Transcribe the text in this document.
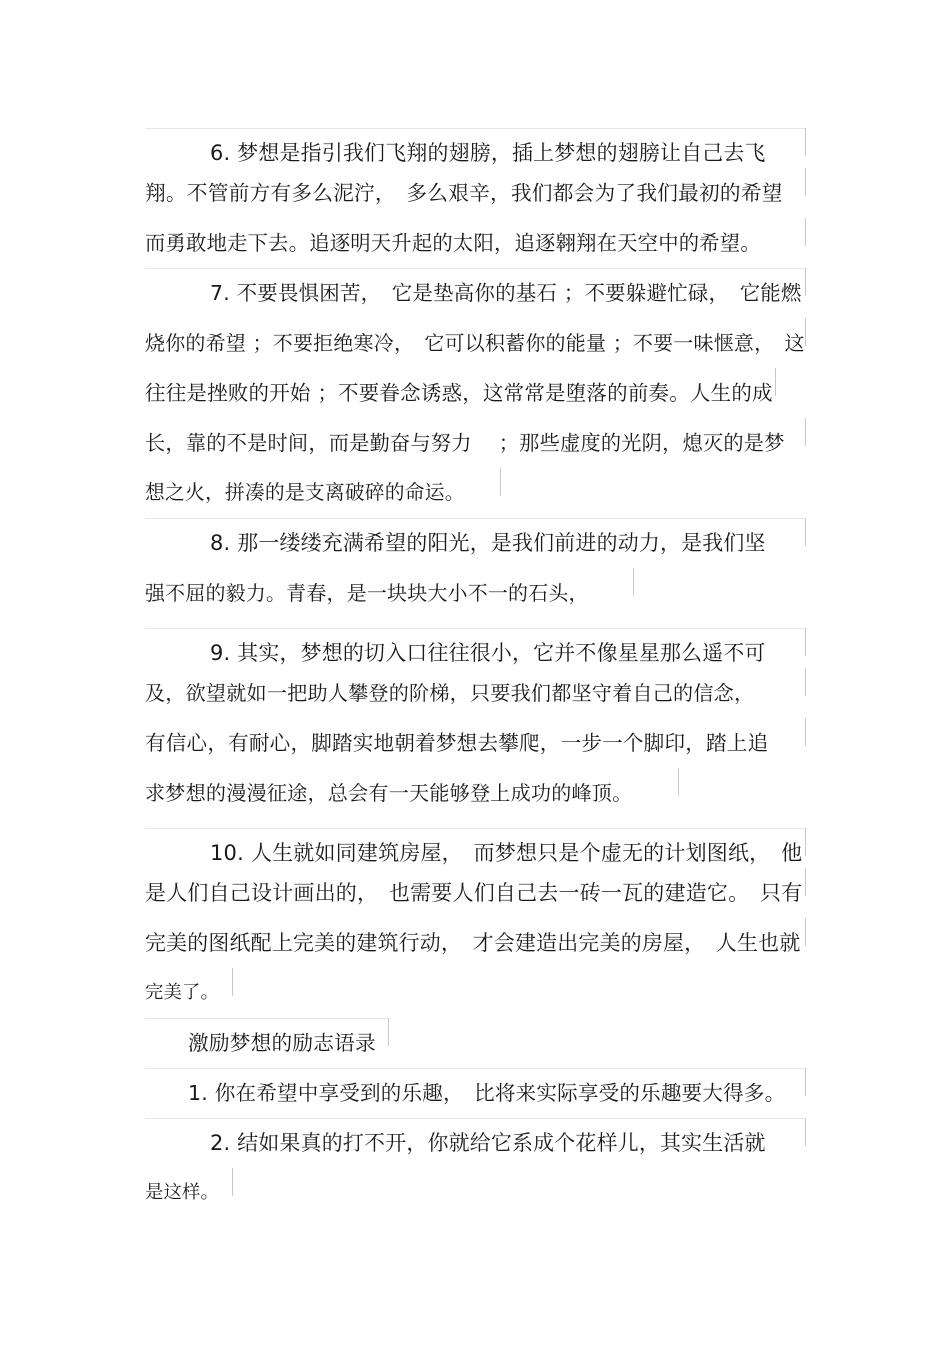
6. 梦想是指引我们飞翔的翅膀，插上梦想的翅膀让自己去飞
翔。不管前方有多么泥泞，　多么艰辛，我们都会为了我们最初的希望
而勇敢地走下去。追逐明天升起的太阳，追逐翱翔在天空中的希望。
7. 不要畏惧困苦，　它是垫高你的基石 ；不要躲避忙碌，　它能燃
烧你的希望 ；不要拒绝寒冷，　它可以积蓄你的能量 ；不要一味惬意，　这
往往是挫败的开始 ；不要眷念诱惑，这常常是堕落的前奏。人生的成
长，靠的不是时间，而是勤奋与努力　 ；那些虚度的光阴，熄灭的是梦
想之火，拼凑的是支离破碎的命运。
8. 那一缕缕充满希望的阳光，是我们前进的动力，是我们坚
强不屈的毅力。青春，是一块块大小不一的石头，
9. 其实，梦想的切入口往往很小，它并不像星星那么遥不可
及，欲望就如一把助人攀登的阶梯，只要我们都坚守着自己的信念，
有信心，有耐心，脚踏实地朝着梦想去攀爬，一步一个脚印，踏上追
求梦想的漫漫征途，总会有一天能够登上成功的峰顶。
10. 人生就如同建筑房屋，　而梦想只是个虚无的计划图纸，　他
是人们自己设计画出的，　也需要人们自己去一砖一瓦的建造它。　只有
完美的图纸配上完美的建筑行动，　才会建造出完美的房屋，　人生也就
完美了。
激励梦想的励志语录
1. 你在希望中享受到的乐趣，　比将来实际享受的乐趣要大得多。
2. 结如果真的打不开，你就给它系成个花样儿，其实生活就
是这样。
